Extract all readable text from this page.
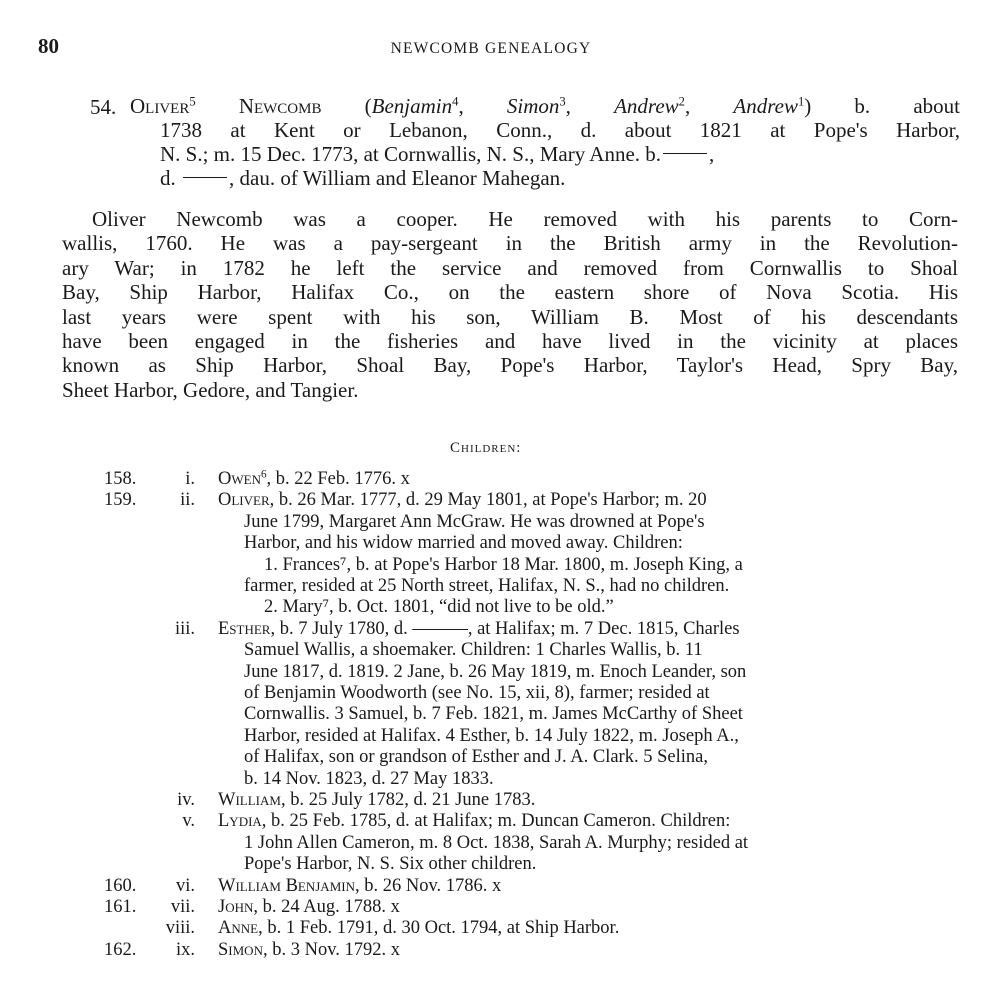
80	NEWCOMB GENEALOGY
54. Oliver$^5$ Newcomb (Benjamin$^4$, Simon$^3$, Andrew$^2$, Andrew$^1$) b. about
1738 at Kent or Lebanon, Conn., d. about 1821 at Pope's Harbor,
N. S.; m. 15 Dec. 1773, at Cornwallis, N. S., Mary Anne. b. ,
d.	, dau. of William and Eleanor Mahegan.
Oliver Newcomb was a cooper. He removed with his parents to Corn-
wallis, 1760. He was a pay-sergeant in the British army in the Revolution-
ary War; in 1782 he left the service and removed from Cornwallis to Shoal
Bay, Ship Harbor, Halifax Co., on the eastern shore of Nova Scotia. His
last years were spent with his son, William B. Most of his descendants
have been engaged in the fisheries and have lived in the vicinity at places
known as Ship Harbor, Shoal Bay, Pope's Harbor, Taylor's Head, Spry Bay,
Sheet Harbor, Gedore, and Tangier.
Children:
158.	i. Owen$^6$, b. 22 Feb. 1776. x
159.	ii. Oliver, b. 26 Mar. 1777, d. 29 May 1801, at Pope's Harbor; m. 20
June 1799, Margaret Ann McGraw. He was drowned at Pope's
Harbor, and his widow married and moved away. Children:
1. Frances⁷, b. at Pope's Harbor 18 Mar. 1800, m. Joseph King, a
farmer, resided at 25 North street, Halifax, N. S., had no children.
2. Mary⁷, b. Oct. 1801, “did not live to be old.”
iii. Esther, b. 7 July 1780, d. ———, at Halifax; m. 7 Dec. 1815, Charles
Samuel Wallis, a shoemaker. Children: 1 Charles Wallis, b. 11
June 1817, d. 1819. 2 Jane, b. 26 May 1819, m. Enoch Leander, son
of Benjamin Woodworth (see No. 15, xii, 8), farmer; resided at
Cornwallis. 3 Samuel, b. 7 Feb. 1821, m. James McCarthy of Sheet
Harbor, resided at Halifax. 4 Esther, b. 14 July 1822, m. Joseph A.,
of Halifax, son or grandson of Esther and J. A. Clark. 5 Selina,
b. 14 Nov. 1823, d. 27 May 1833.
iv. William, b. 25 July 1782, d. 21 June 1783.
v. Lydia, b. 25 Feb. 1785, d. at Halifax; m. Duncan Cameron. Children:
1 John Allen Cameron, m. 8 Oct. 1838, Sarah A. Murphy; resided at
Pope's Harbor, N. S. Six other children.
160.	vi. William Benjamin, b. 26 Nov. 1786. x
161.	vii. John, b. 24 Aug. 1788. x
viii. Anne, b. 1 Feb. 1791, d. 30 Oct. 1794, at Ship Harbor.
162.	ix. Simon, b. 3 Nov. 1792. x
